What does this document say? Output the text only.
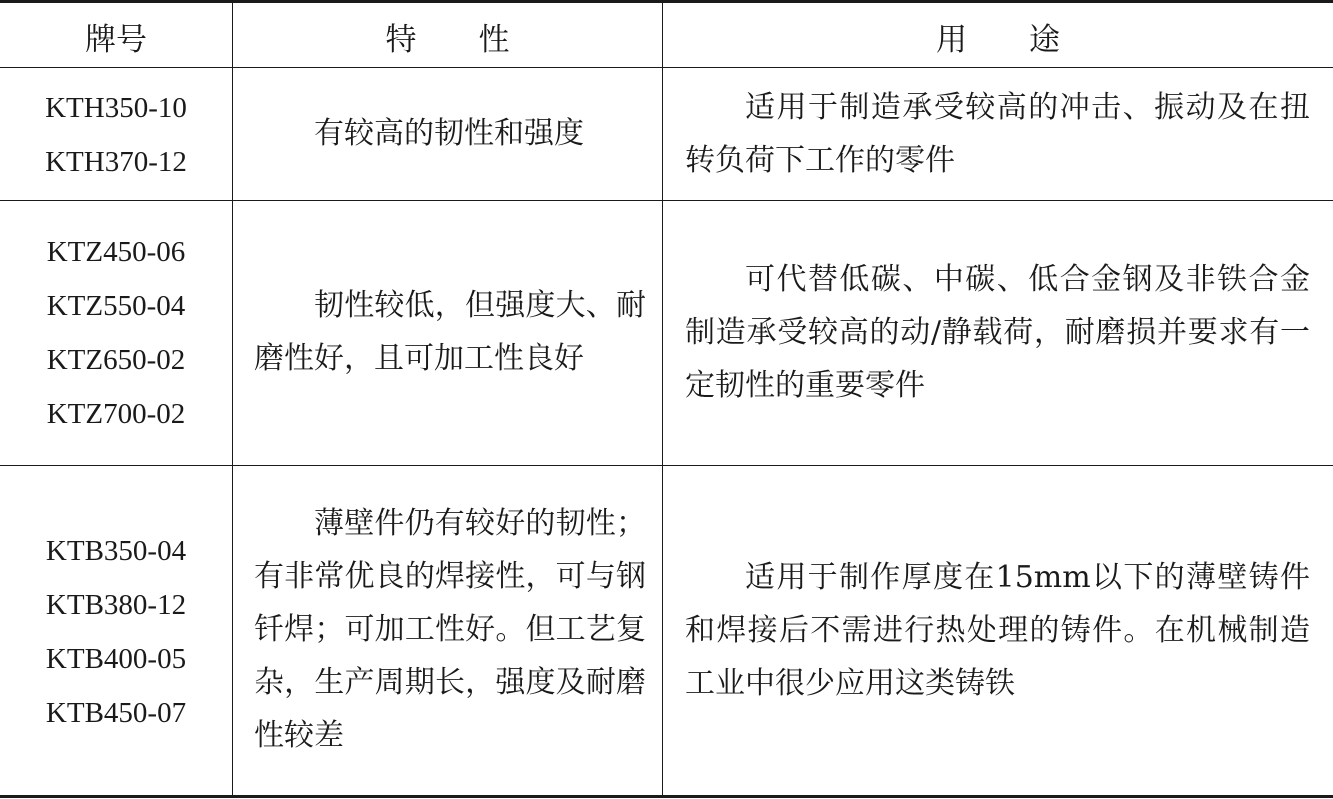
牌号	特　　性	用　　途
KTH350-10
KTH370-12
有较高的韧性和强度
适用于制造承受较高的冲击、振动及在扭转负荷下工作的零件
KTZ450-06
KTZ550-04
KTZ650-02
KTZ700-02
韧性较低，但强度大、耐磨性好，且可加工性良好
可代替低碳、中碳、低合金钢及非铁合金制造承受较高的动/静载荷，耐磨损并要求有一定韧性的重要零件
KTB350-04
KTB380-12
KTB400-05
KTB450-07
薄壁件仍有较好的韧性；有非常优良的焊接性，可与钢钎焊；可加工性好。但工艺复杂，生产周期长，强度及耐磨性较差
适用于制作厚度在15mm以下的薄壁铸件和焊接后不需进行热处理的铸件。在机械制造工业中很少应用这类铸铁
